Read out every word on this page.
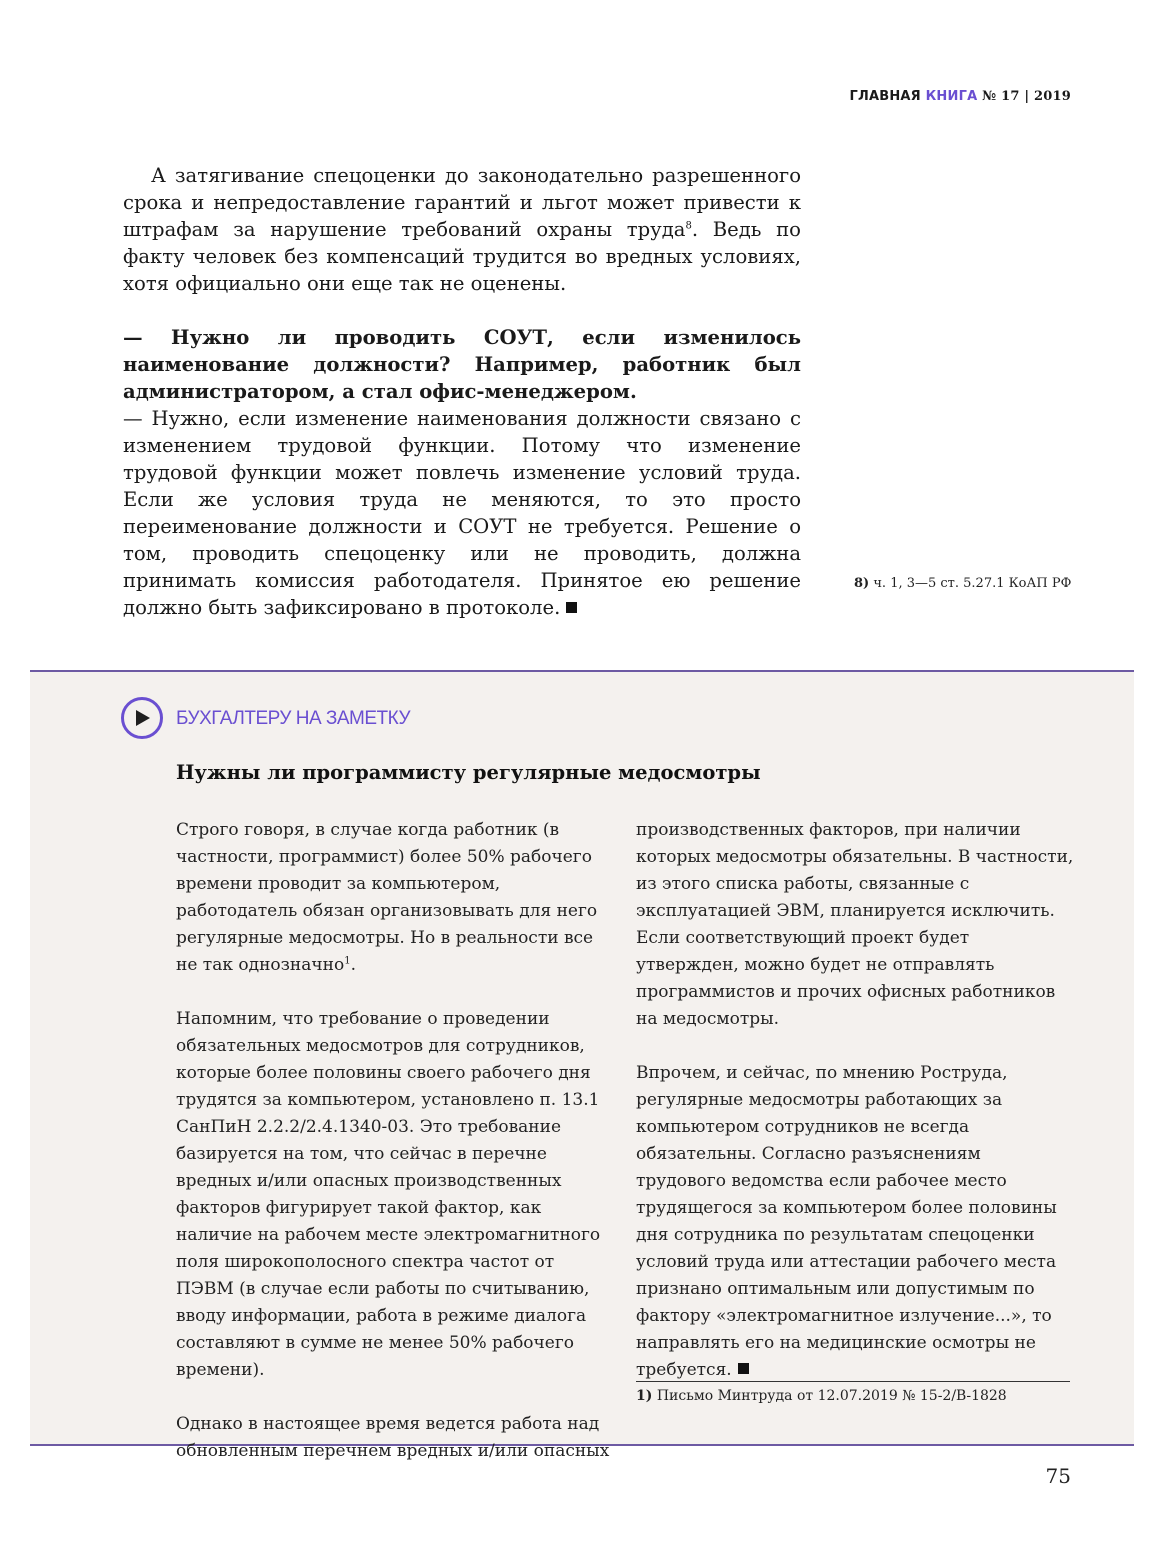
ГЛАВНАЯ КНИГА № 17 | 2019

А затягивание спецоценки до законодательно разрешенного срока и непредоставление гарантий и льгот может привести к штрафам за нарушение требований охраны труда$^8$. Ведь по факту человек без компенсаций трудится во вредных условиях, хотя официально они еще так не оценены.

— Нужно ли проводить СОУТ, если изменилось наименование должности? Например, работник был администратором, а стал офис-менеджером.

— Нужно, если изменение наименования должности связано с изменением трудовой функции. Потому что изменение трудовой функции может повлечь изменение условий труда. Если же условия труда не меняются, то это просто переименование должности и СОУТ не требуется. Решение о том, проводить спецоценку или не проводить, должна принимать комиссия работодателя. Принятое ею решение должно быть зафиксировано в протоколе.

8) ч. 1, 3—5 ст. 5.27.1 КоАП РФ
БУХГАЛТЕРУ НА ЗАМЕТКУ
Нужны ли программисту регулярные медосмотры

Строго говоря, в случае когда работник (в частности, программист) более 50% рабочего времени проводит за компьютером, работодатель обязан организовывать для него регулярные медосмотры. Но в реальности все не так однозначно$^1$.

Напомним, что требование о проведении обязательных медосмотров для сотрудников, которые более половины своего рабочего дня трудятся за компьютером, установлено п. 13.1 СанПиН 2.2.2/2.4.1340-03. Это требование базируется на том, что сейчас в перечне вредных и/или опасных производственных факторов фигурирует такой фактор, как наличие на рабочем месте электромагнитного поля широкополосного спектра частот от ПЭВМ (в случае если работы по считыванию, вводу информации, работа в режиме диалога составляют в сумме не менее 50% рабочего времени).

Однако в настоящее время ведется работа над обновленным перечнем вредных и/или опасных

производственных факторов, при наличии которых медосмотры обязательны. В частности, из этого списка работы, связанные с эксплуатацией ЭВМ, планируется исключить. Если соответствующий проект будет утвержден, можно будет не отправлять программистов и прочих офисных работников на медосмотры.

Впрочем, и сейчас, по мнению Роструда, регулярные медосмотры работающих за компьютером сотрудников не всегда обязательны. Согласно разъяснениям трудового ведомства если рабочее место трудящегося за компьютером более половины дня сотрудника по результатам спецоценки условий труда или аттестации рабочего места признано оптимальным или допустимым по фактору «электромагнитное излучение...», то направлять его на медицинские осмотры не требуется.

1) Письмо Минтруда от 12.07.2019 № 15-2/В-1828
75
